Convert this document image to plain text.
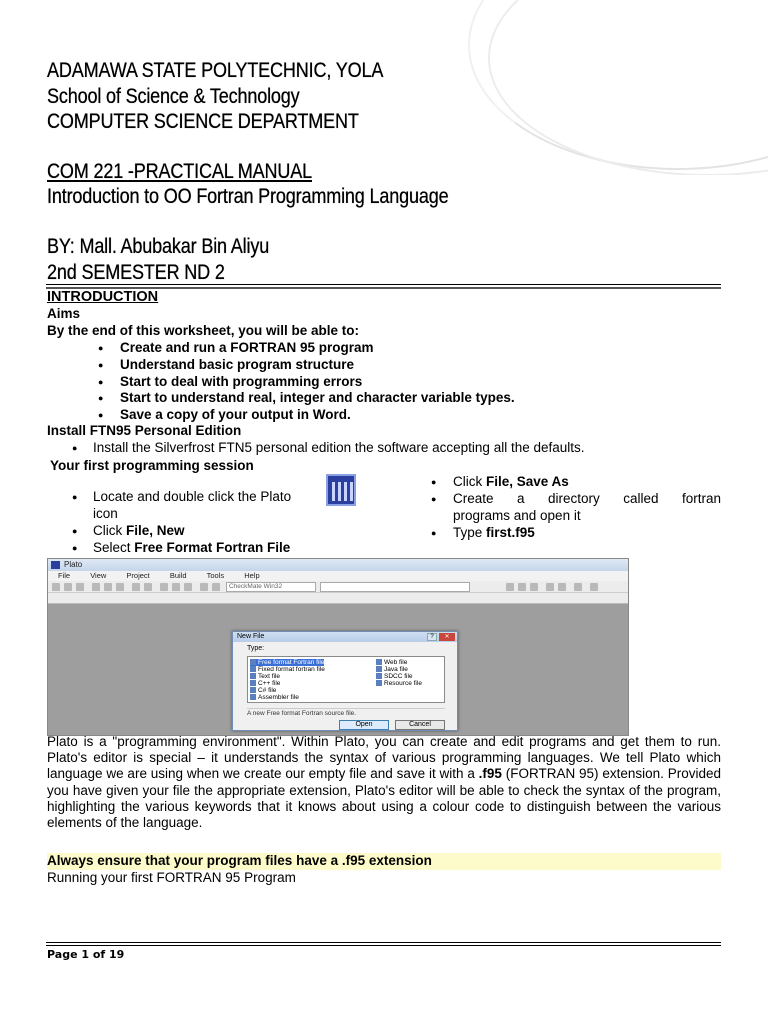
ADAMAWA STATE POLYTECHNIC, YOLA
School of Science & Technology
COMPUTER SCIENCE DEPARTMENT
COM 221 -PRACTICAL MANUAL
Introduction to OO Fortran Programming Language
BY: Mall. Abubakar Bin Aliyu
2nd SEMESTER ND 2
INTRODUCTION
Aims
By the end of this worksheet, you will be able to:
● Create and run a FORTRAN 95 program
● Understand basic program structure
● Start to deal with programming errors
● Start to understand real, integer and character variable types.
● Save a copy of your output in Word.
Install FTN95 Personal Edition
● Install the Silverfrost FTN5 personal edition the software accepting all the defaults.
Your first programming session
● Locate and double click the Plato
icon
● Click File, New
● Select Free Format Fortran File
● Click File, Save As
● Create a directory called fortran
programs and open it
● Type first.f95
Plato
File	View	Project	Build	Tools	Help
CheckMate Win32
New File	?	✕
Type:
Free format Fortran file
Fixed format fortran file
Text file
C++ file
C# file
Assembler file
Web file
Java file
SDCC file
Resource file
A new Free format Fortran source file.
Open	Cancel
Plato is a "programming environment". Within Plato, you can create and edit programs and get them to run. Plato's editor is special – it understands the syntax of various programming languages. We tell Plato which language we are using when we create our empty file and save it with a .f95 (FORTRAN 95) extension. Provided you have given your file the appropriate extension, Plato's editor will be able to check the syntax of the program, highlighting the various keywords that it knows about using a colour code to distinguish between the various elements of the language.
Always ensure that your program files have a .f95 extension
Running your first FORTRAN 95 Program
Page 1 of 19
